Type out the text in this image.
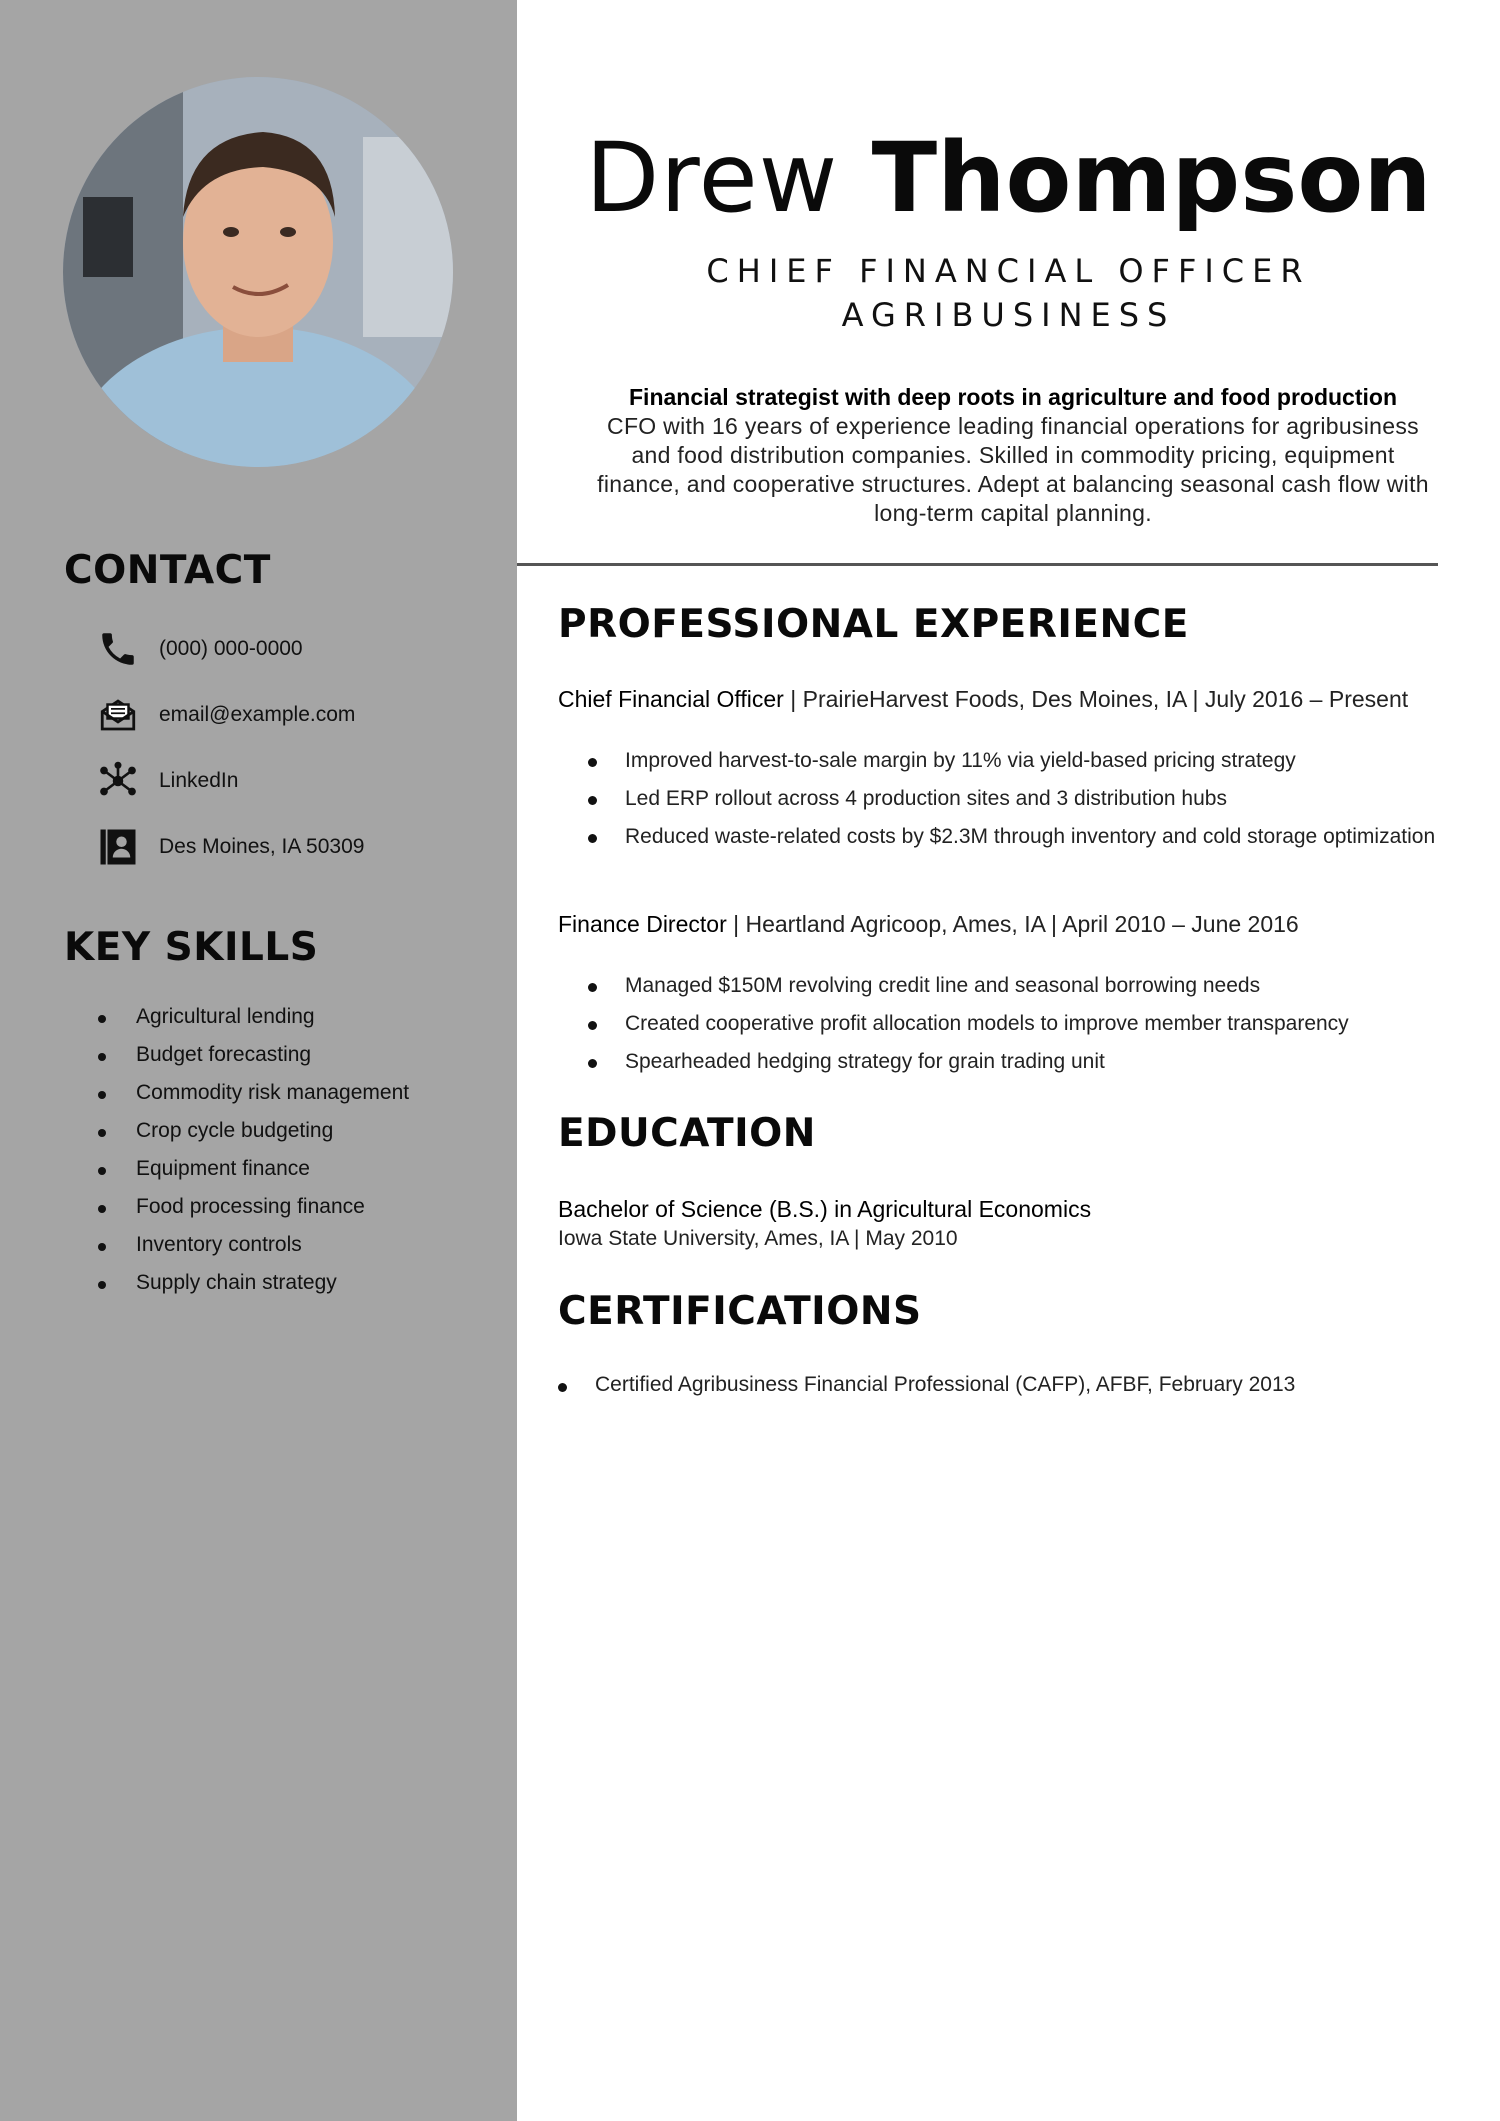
CONTACT
(000) 000-0000
email@example.com
LinkedIn
Des Moines, IA 50309
KEY SKILLS
Agricultural lending
Budget forecasting
Commodity risk management
Crop cycle budgeting
Equipment finance
Food processing finance
Inventory controls
Supply chain strategy
Drew Thompson
CHIEF FINANCIAL OFFICER
AGRIBUSINESS
Financial strategist with deep roots in agriculture and food production
CFO with 16 years of experience leading financial operations for agribusiness and food distribution companies. Skilled in commodity pricing, equipment finance, and cooperative structures. Adept at balancing seasonal cash flow with long-term capital planning.
PROFESSIONAL EXPERIENCE
Chief Financial Officer | PrairieHarvest Foods, Des Moines, IA | July 2016 – Present
Improved harvest-to-sale margin by 11% via yield-based pricing strategy
Led ERP rollout across 4 production sites and 3 distribution hubs
Reduced waste-related costs by $2.3M through inventory and cold storage optimization
Finance Director | Heartland Agricoop, Ames, IA | April 2010 – June 2016
Managed $150M revolving credit line and seasonal borrowing needs
Created cooperative profit allocation models to improve member transparency
Spearheaded hedging strategy for grain trading unit
EDUCATION
Bachelor of Science (B.S.) in Agricultural Economics
Iowa State University, Ames, IA | May 2010
CERTIFICATIONS
Certified Agribusiness Financial Professional (CAFP), AFBF, February 2013
